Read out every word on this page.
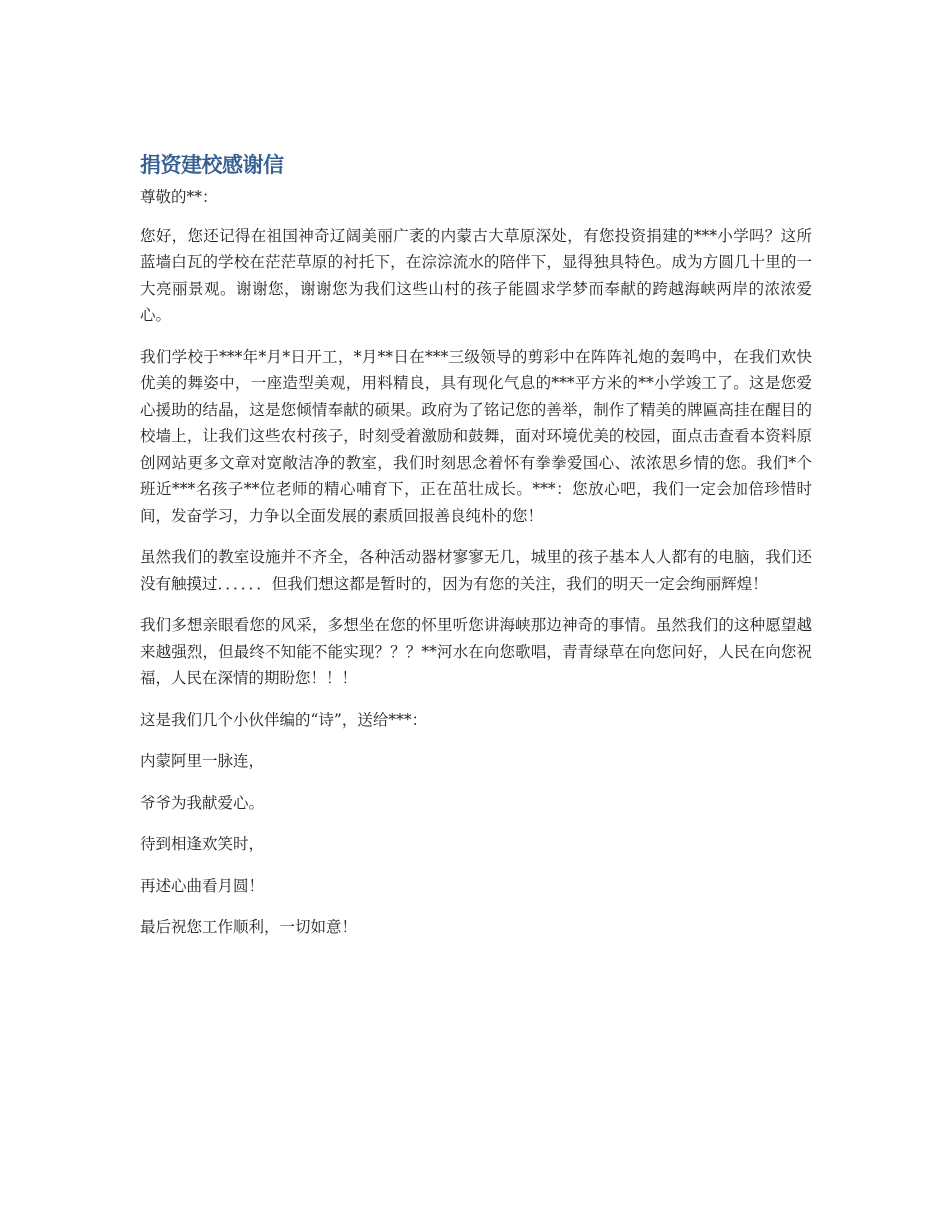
捐资建校感谢信

尊敬的**：

您好，您还记得在祖国神奇辽阔美丽广袤的内蒙古大草原深处，有您投资捐建的***小学吗？这所蓝墙白瓦的学校在茫茫草原的衬托下，在淙淙流水的陪伴下，显得独具特色。成为方圆几十里的一大亮丽景观。谢谢您，谢谢您为我们这些山村的孩子能圆求学梦而奉献的跨越海峡两岸的浓浓爱心。

我们学校于***年*月*日开工，*月**日在***三级领导的剪彩中在阵阵礼炮的轰鸣中，在我们欢快优美的舞姿中，一座造型美观，用料精良，具有现化气息的***平方米的**小学竣工了。这是您爱心援助的结晶，这是您倾情奉献的硕果。政府为了铭记您的善举，制作了精美的牌匾高挂在醒目的校墙上，让我们这些农村孩子，时刻受着激励和鼓舞，面对环境优美的校园，面点击查看本资料原创网站更多文章对宽敞洁净的教室，我们时刻思念着怀有拳拳爱国心、浓浓思乡情的您。我们*个班近***名孩子**位老师的精心哺育下，正在茁壮成长。***：您放心吧，我们一定会加倍珍惜时间，发奋学习，力争以全面发展的素质回报善良纯朴的您！

虽然我们的教室设施并不齐全，各种活动器材寥寥无几，城里的孩子基本人人都有的电脑，我们还没有触摸过．．．．．．但我们想这都是暂时的，因为有您的关注，我们的明天一定会绚丽辉煌！

我们多想亲眼看您的风采，多想坐在您的怀里听您讲海峡那边神奇的事情。虽然我们的这种愿望越来越强烈，但最终不知能不能实现？？？**河水在向您歌唱，青青绿草在向您问好，人民在向您祝福，人民在深情的期盼您！！！

这是我们几个小伙伴编的“诗”，送给***：

内蒙阿里一脉连，

爷爷为我献爱心。

待到相逢欢笑时，

再述心曲看月圆！

最后祝您工作顺利，一切如意！
